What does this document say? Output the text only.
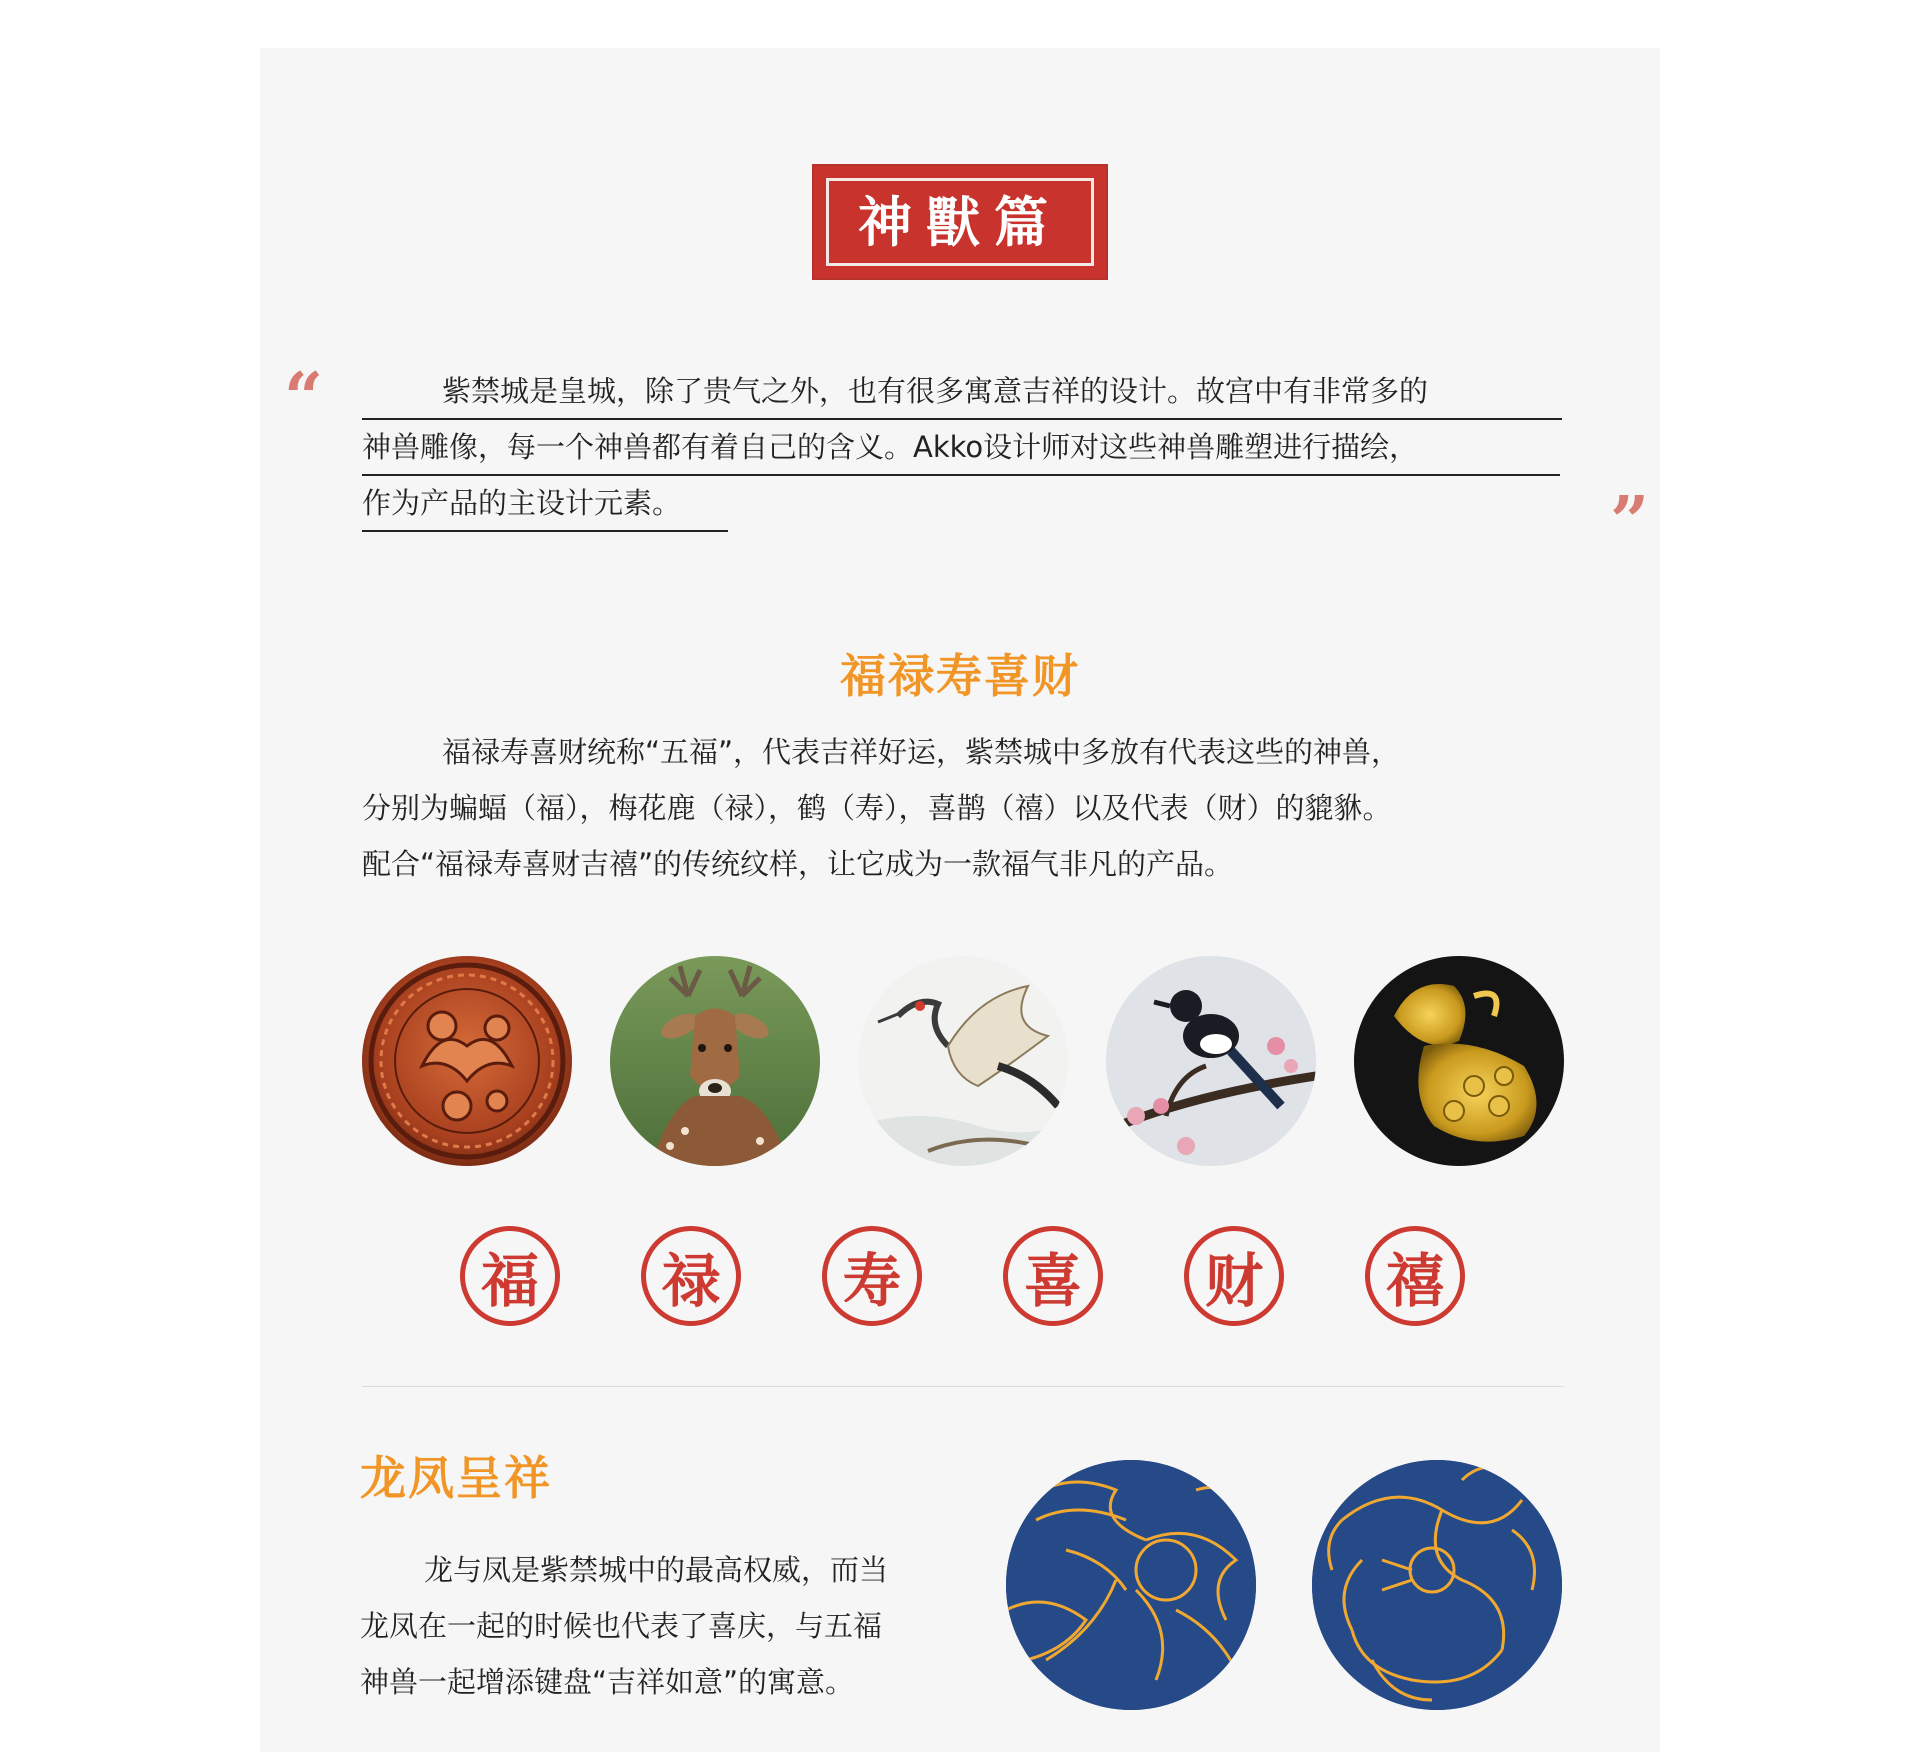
神獸篇
“
”
紫禁城是皇城，除了贵气之外，也有很多寓意吉祥的设计。故宫中有非常多的
神兽雕像，每一个神兽都有着自己的含义。Akko设计师对这些神兽雕塑进行描绘，
作为产品的主设计元素。
福禄寿喜财
福禄寿喜财统称“五福”，代表吉祥好运，紫禁城中多放有代表这些的神兽，
分别为蝙蝠（福），梅花鹿（禄），鹤（寿），喜鹊（禧）以及代表（财）的貔貅。
配合“福禄寿喜财吉禧”的传统纹样，让它成为一款福气非凡的产品。
福	禄	寿	喜	财	禧
龙凤呈祥
龙与凤是紫禁城中的最高权威，而当
龙凤在一起的时候也代表了喜庆，与五福
神兽一起增添键盘“吉祥如意”的寓意。
